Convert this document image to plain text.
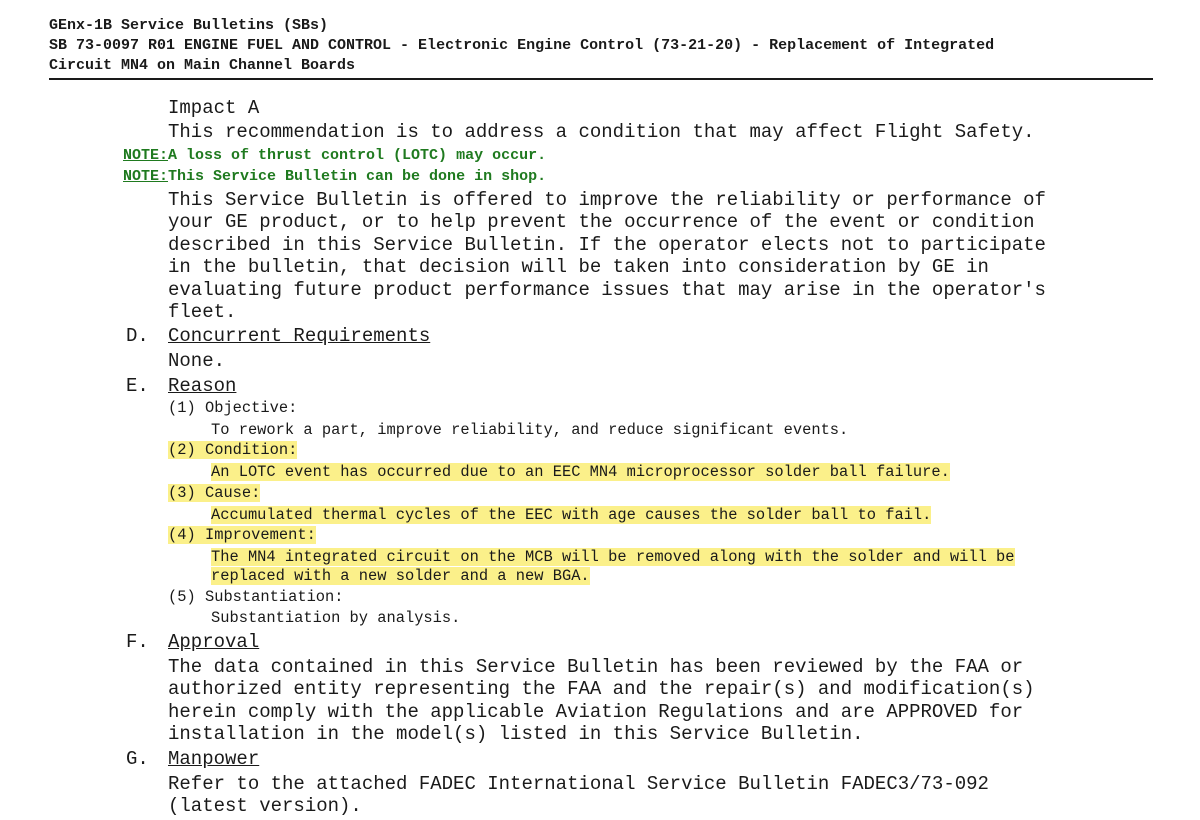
GEnx-1B Service Bulletins (SBs)
SB 73-0097 R01 ENGINE FUEL AND CONTROL - Electronic Engine Control (73-21-20) - Replacement of Integrated
Circuit MN4 on Main Channel Boards
Impact A
This recommendation is to address a condition that may affect Flight Safety.
NOTE:A loss of thrust control (LOTC) may occur.
NOTE:This Service Bulletin can be done in shop.
This Service Bulletin is offered to improve the reliability or performance of
your GE product, or to help prevent the occurrence of the event or condition
described in this Service Bulletin. If the operator elects not to participate
in the bulletin, that decision will be taken into consideration by GE in
evaluating future product performance issues that may arise in the operator's
fleet.
D. Concurrent Requirements
None.
E. Reason
(1) Objective:
To rework a part, improve reliability, and reduce significant events.
(2) Condition:
An LOTC event has occurred due to an EEC MN4 microprocessor solder ball failure.
(3) Cause:
Accumulated thermal cycles of the EEC with age causes the solder ball to fail.
(4) Improvement:
The MN4 integrated circuit on the MCB will be removed along with the solder and will be
replaced with a new solder and a new BGA.
(5) Substantiation:
Substantiation by analysis.
F. Approval
The data contained in this Service Bulletin has been reviewed by the FAA or
authorized entity representing the FAA and the repair(s) and modification(s)
herein comply with the applicable Aviation Regulations and are APPROVED for
installation in the model(s) listed in this Service Bulletin.
G. Manpower
Refer to the attached FADEC International Service Bulletin FADEC3/73-092
(latest version).
